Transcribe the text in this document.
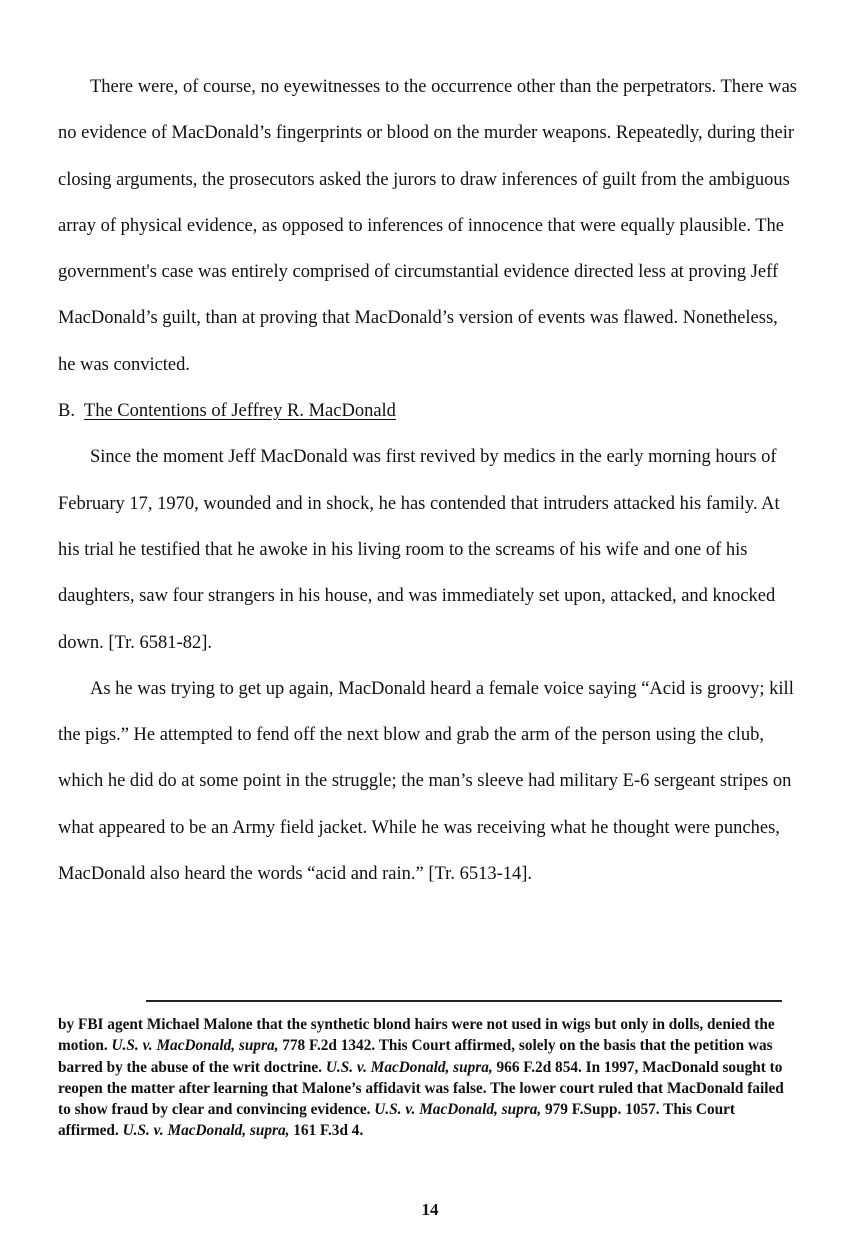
There were, of course, no eyewitnesses to the occurrence other than the perpetrators. There was no evidence of MacDonald’s fingerprints or blood on the murder weapons. Repeatedly, during their closing arguments, the prosecutors asked the jurors to draw inferences of guilt from the ambiguous array of physical evidence, as opposed to inferences of innocence that were equally plausible. The government's case was entirely comprised of circumstantial evidence directed less at proving Jeff MacDonald’s guilt, than at proving that MacDonald’s version of events was flawed. Nonetheless, he was convicted.

B. The Contentions of Jeffrey R. MacDonald

Since the moment Jeff MacDonald was first revived by medics in the early morning hours of February 17, 1970, wounded and in shock, he has contended that intruders attacked his family. At his trial he testified that he awoke in his living room to the screams of his wife and one of his daughters, saw four strangers in his house, and was immediately set upon, attacked, and knocked down. [Tr. 6581-82].

As he was trying to get up again, MacDonald heard a female voice saying “Acid is groovy; kill the pigs.” He attempted to fend off the next blow and grab the arm of the person using the club, which he did do at some point in the struggle; the man’s sleeve had military E-6 sergeant stripes on what appeared to be an Army field jacket. While he was receiving what he thought were punches, MacDonald also heard the words “acid and rain.” [Tr. 6513-14].

by FBI agent Michael Malone that the synthetic blond hairs were not used in wigs but only in dolls, denied the motion. U.S. v. MacDonald, supra, 778 F.2d 1342. This Court affirmed, solely on the basis that the petition was barred by the abuse of the writ doctrine. U.S. v. MacDonald, supra, 966 F.2d 854. In 1997, MacDonald sought to reopen the matter after learning that Malone’s affidavit was false. The lower court ruled that MacDonald failed to show fraud by clear and convincing evidence. U.S. v. MacDonald, supra, 979 F.Supp. 1057. This Court affirmed. U.S. v. MacDonald, supra, 161 F.3d 4.

14
